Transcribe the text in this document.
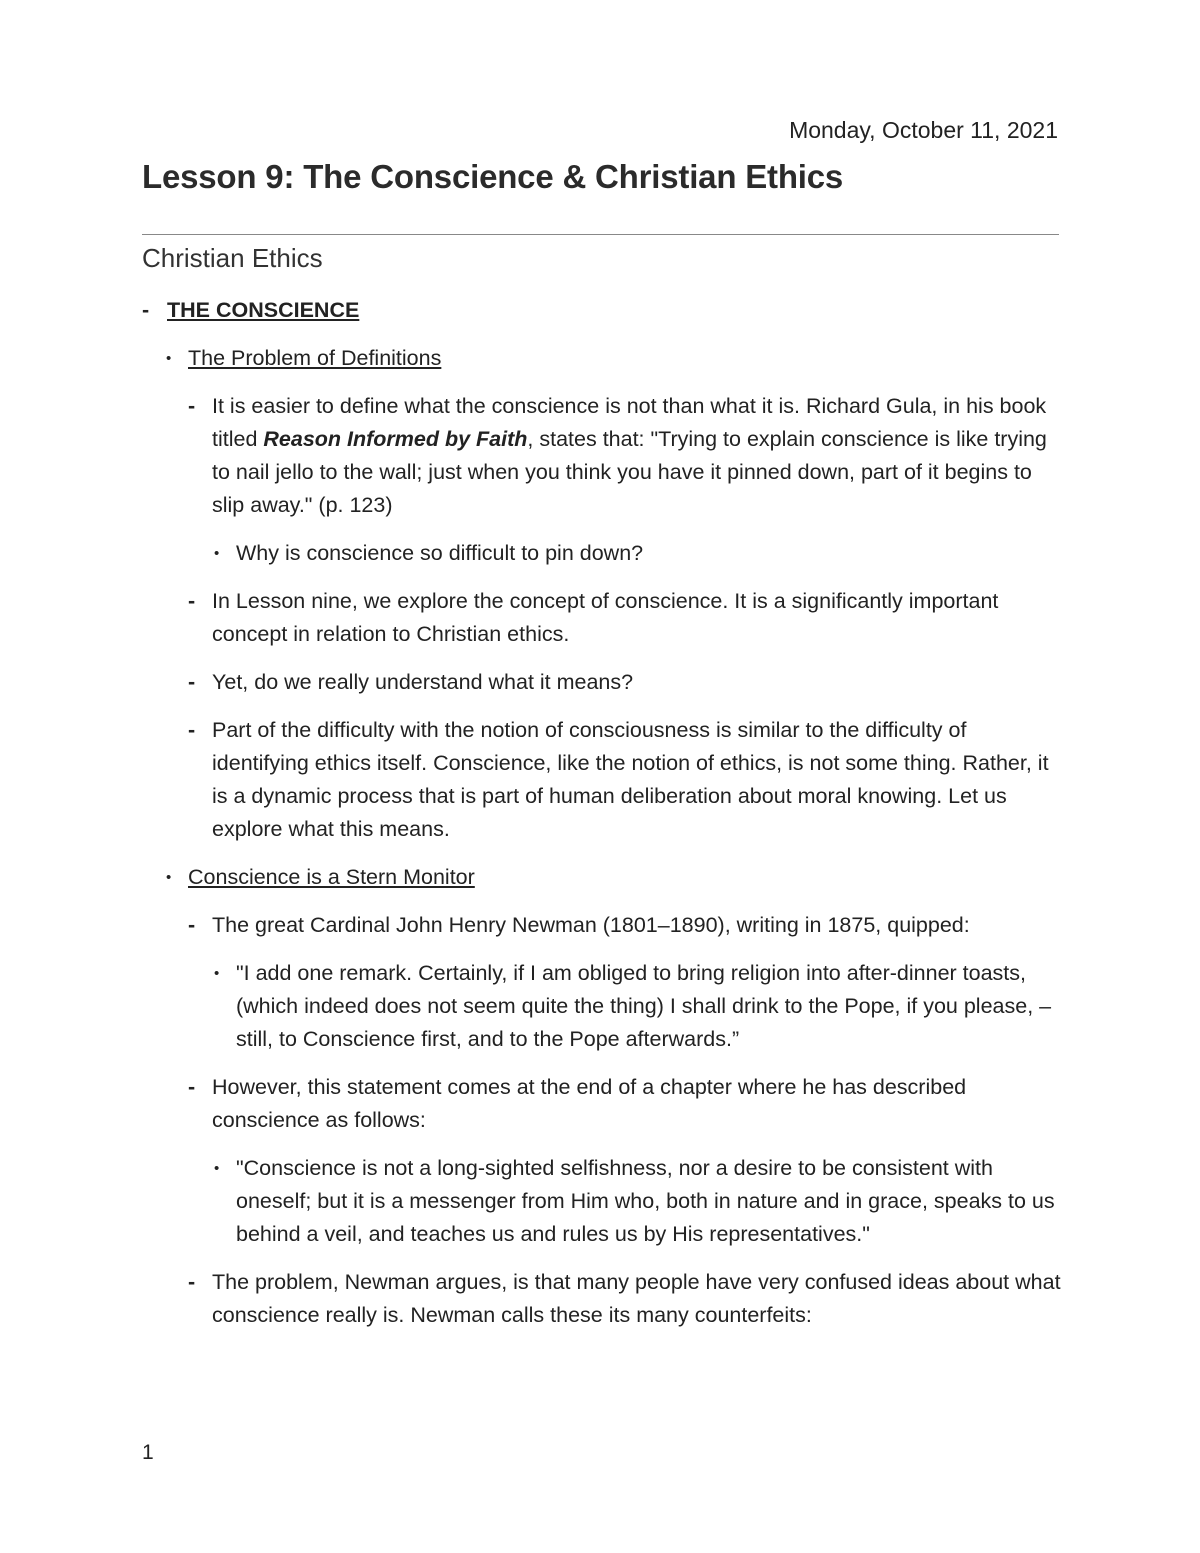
Monday, October 11, 2021
Lesson 9: The Conscience & Christian Ethics
Christian Ethics
- THE CONSCIENCE
• The Problem of Definitions
- It is easier to define what the conscience is not than what it is. Richard Gula, in his book titled Reason Informed by Faith, states that: "Trying to explain conscience is like trying to nail jello to the wall; just when you think you have it pinned down, part of it begins to slip away." (p. 123)
• Why is conscience so difficult to pin down?
- In Lesson nine, we explore the concept of conscience. It is a significantly important concept in relation to Christian ethics.
- Yet, do we really understand what it means?
- Part of the difficulty with the notion of consciousness is similar to the difficulty of identifying ethics itself. Conscience, like the notion of ethics, is not some thing. Rather, it is a dynamic process that is part of human deliberation about moral knowing. Let us explore what this means.
• Conscience is a Stern Monitor
- The great Cardinal John Henry Newman (1801–1890), writing in 1875, quipped:
• "I add one remark. Certainly, if I am obliged to bring religion into after-dinner toasts, (which indeed does not seem quite the thing) I shall drink to the Pope, if you please, – still, to Conscience first, and to the Pope afterwards.”
- However, this statement comes at the end of a chapter where he has described conscience as follows:
• "Conscience is not a long-sighted selfishness, nor a desire to be consistent with oneself; but it is a messenger from Him who, both in nature and in grace, speaks to us behind a veil, and teaches us and rules us by His representatives."
- The problem, Newman argues, is that many people have very confused ideas about what conscience really is. Newman calls these its many counterfeits:
1
